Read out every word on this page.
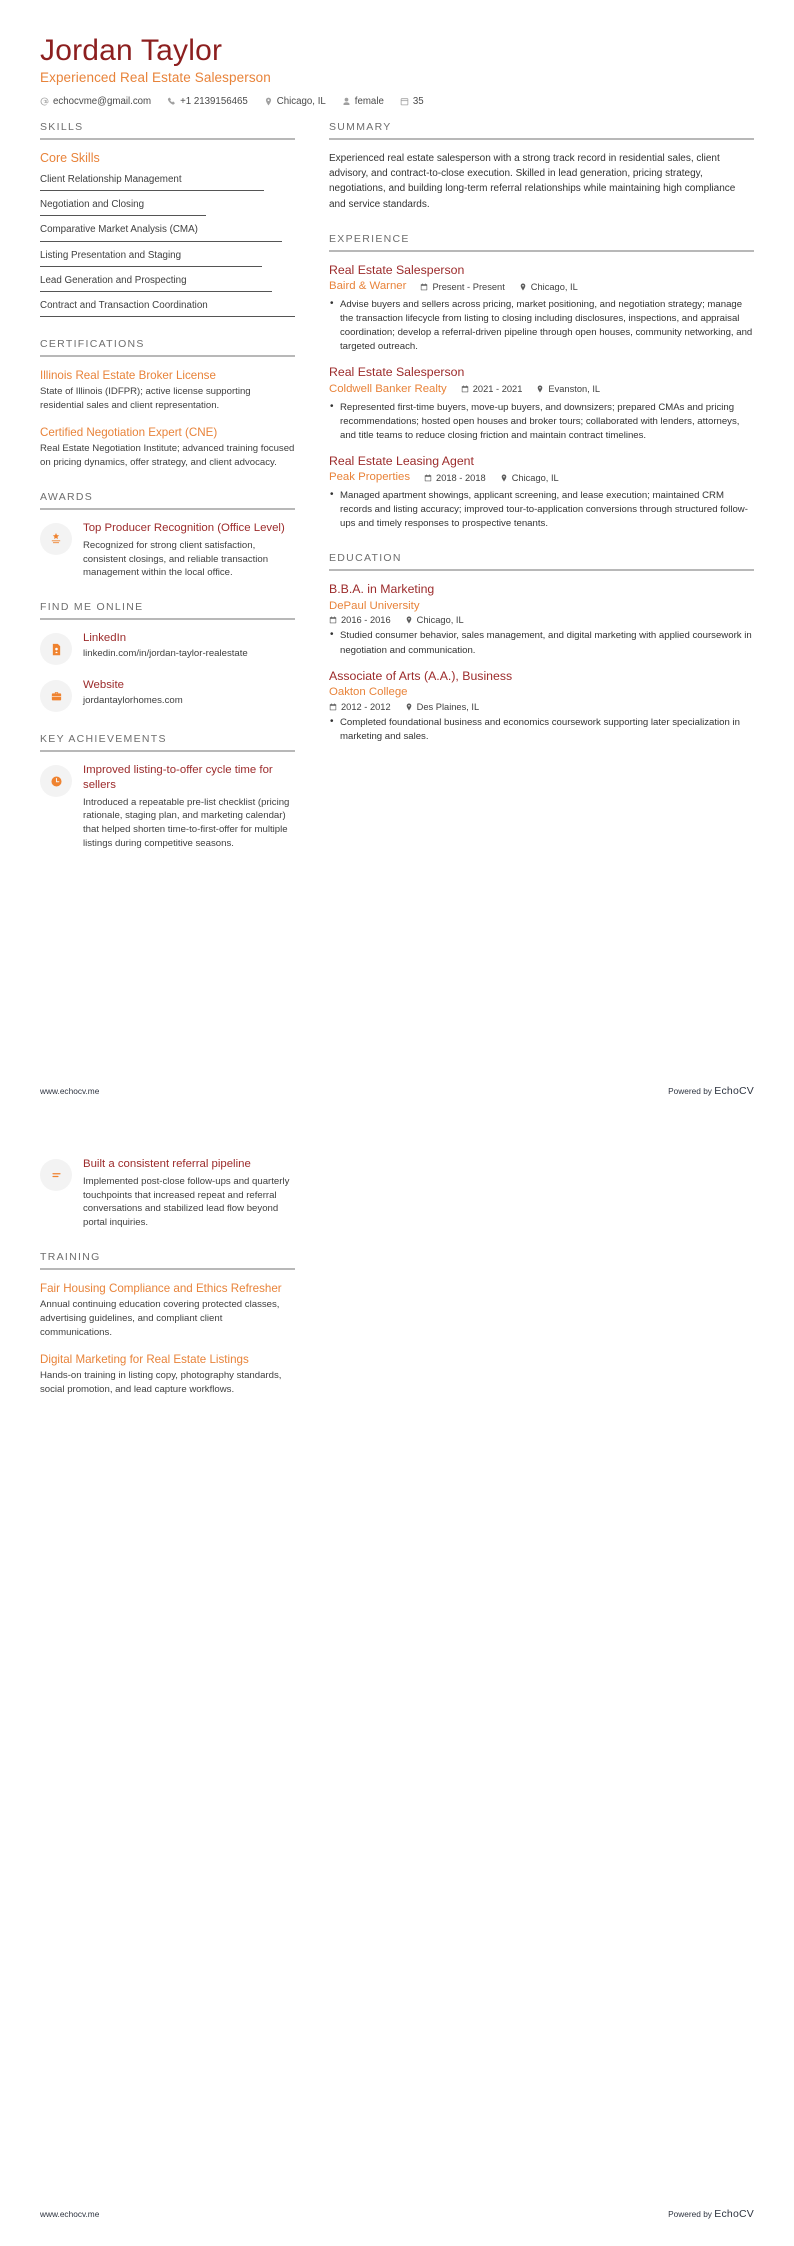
Jordan Taylor
Experienced Real Estate Salesperson
echocvme@gmail.com	+1 2139156465	Chicago, IL	female	35
SKILLS
Core Skills
Client Relationship Management
Negotiation and Closing
Comparative Market Analysis (CMA)
Listing Presentation and Staging
Lead Generation and Prospecting
Contract and Transaction Coordination
CERTIFICATIONS
Illinois Real Estate Broker License

State of Illinois (IDFPR); active license supporting residential sales and client representation.

Certified Negotiation Expert (CNE)

Real Estate Negotiation Institute; advanced training focused on pricing dynamics, offer strategy, and client advocacy.

AWARDS
Top Producer Recognition (Office Level)

Recognized for strong client satisfaction, consistent closings, and reliable transaction management within the local office.

FIND ME ONLINE
LinkedIn

linkedin.com/in/jordan-taylor-realestate

Website

jordantaylorhomes.com

KEY ACHIEVEMENTS
Improved listing-to-offer cycle time for sellers

Introduced a repeatable pre-list checklist (pricing rationale, staging plan, and marketing calendar) that helped shorten time-to-first-offer for multiple listings during competitive seasons.

SUMMARY

Experienced real estate salesperson with a strong track record in residential sales, client advisory, and contract-to-close execution. Skilled in lead generation, pricing strategy, negotiations, and building long-term referral relationships while maintaining high compliance and service standards.

EXPERIENCE
Real Estate Salesperson
Baird & Warner	Present - Present	Chicago, IL
• Advise buyers and sellers across pricing, market positioning, and negotiation strategy; manage the transaction lifecycle from listing to closing including disclosures, inspections, and appraisal coordination; develop a referral-driven pipeline through open houses, community networking, and targeted outreach.
Real Estate Salesperson
Coldwell Banker Realty	2021 - 2021	Evanston, IL
• Represented first-time buyers, move-up buyers, and downsizers; prepared CMAs and pricing recommendations; hosted open houses and broker tours; collaborated with lenders, attorneys, and title teams to reduce closing friction and maintain contract timelines.
Real Estate Leasing Agent
Peak Properties	2018 - 2018	Chicago, IL
• Managed apartment showings, applicant screening, and lease execution; maintained CRM records and listing accuracy; improved tour-to-application conversions through structured follow-ups and timely responses to prospective tenants.
EDUCATION
B.B.A. in Marketing
DePaul University
2016 - 2016	Chicago, IL
• Studied consumer behavior, sales management, and digital marketing with applied coursework in negotiation and communication.
Associate of Arts (A.A.), Business
Oakton College
2012 - 2012	Des Plaines, IL
• Completed foundational business and economics coursework supporting later specialization in marketing and sales.
www.echocv.me	Powered by EchoCV
Built a consistent referral pipeline

Implemented post-close follow-ups and quarterly touchpoints that increased repeat and referral conversations and stabilized lead flow beyond portal inquiries.

TRAINING
Fair Housing Compliance and Ethics Refresher

Annual continuing education covering protected classes, advertising guidelines, and compliant client communications.

Digital Marketing for Real Estate Listings

Hands-on training in listing copy, photography standards, social promotion, and lead capture workflows.

www.echocv.me	Powered by EchoCV
